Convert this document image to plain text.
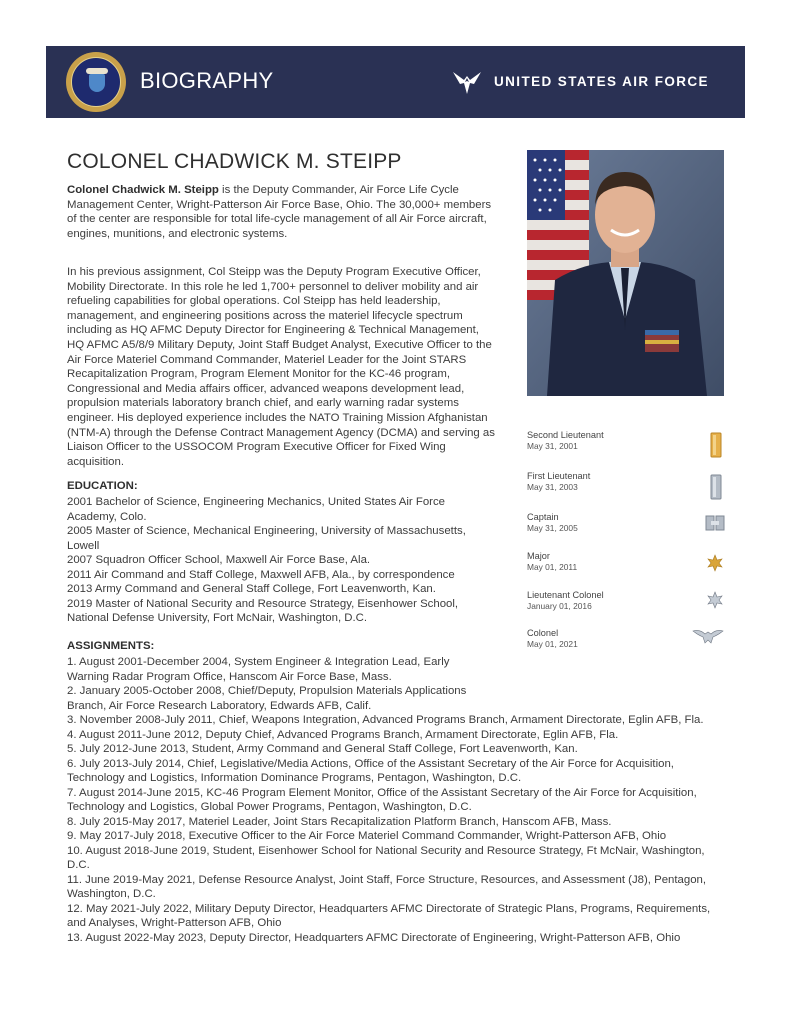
BIOGRAPHY	UNITED STATES AIR FORCE
COLONEL CHADWICK M. STEIPP
Colonel Chadwick M. Steipp is the Deputy Commander, Air Force Life Cycle Management Center, Wright-Patterson Air Force Base, Ohio. The 30,000+ members of the center are responsible for total life-cycle management of all Air Force aircraft, engines, munitions, and electronic systems.
In his previous assignment, Col Steipp was the Deputy Program Executive Officer, Mobility Directorate. In this role he led 1,700+ personnel to deliver mobility and air refueling capabilities for global operations. Col Steipp has held leadership, management, and engineering positions across the materiel lifecycle spectrum including as HQ AFMC Deputy Director for Engineering & Technical Management, HQ AFMC A5/8/9 Military Deputy, Joint Staff Budget Analyst, Executive Officer to the Air Force Materiel Command Commander, Materiel Leader for the Joint STARS Recapitalization Program, Program Element Monitor for the KC-46 program, Congressional and Media affairs officer, advanced weapons development lead, propulsion materials laboratory branch chief, and early warning radar systems engineer. His deployed experience includes the NATO Training Mission Afghanistan (NTM-A) through the Defense Contract Management Agency (DCMA) and serving as Liaison Officer to the USSOCOM Program Executive Officer for Fixed Wing acquisition.
EDUCATION:
2001 Bachelor of Science, Engineering Mechanics, United States Air Force Academy, Colo.
2005 Master of Science, Mechanical Engineering, University of Massachusetts, Lowell
2007 Squadron Officer School, Maxwell Air Force Base, Ala.
2011 Air Command and Staff College, Maxwell AFB, Ala., by correspondence
2013 Army Command and General Staff College, Fort Leavenworth, Kan.
2019 Master of National Security and Resource Strategy, Eisenhower School, National Defense University, Fort McNair, Washington, D.C.
ASSIGNMENTS:
1. August 2001-December 2004, System Engineer & Integration Lead, Early Warning Radar Program Office, Hanscom Air Force Base, Mass.
2. January 2005-October 2008, Chief/Deputy, Propulsion Materials Applications Branch, Air Force Research Laboratory, Edwards AFB, Calif.
3. November 2008-July 2011, Chief, Weapons Integration, Advanced Programs Branch, Armament Directorate, Eglin AFB, Fla.
4. August 2011-June 2012, Deputy Chief, Advanced Programs Branch, Armament Directorate, Eglin AFB, Fla.
5. July 2012-June 2013, Student, Army Command and General Staff College, Fort Leavenworth, Kan.
6. July 2013-July 2014, Chief, Legislative/Media Actions, Office of the Assistant Secretary of the Air Force for Acquisition, Technology and Logistics, Information Dominance Programs, Pentagon, Washington, D.C.
7. August 2014-June 2015, KC-46 Program Element Monitor, Office of the Assistant Secretary of the Air Force for Acquisition, Technology and Logistics, Global Power Programs, Pentagon, Washington, D.C.
8. July 2015-May 2017, Materiel Leader, Joint Stars Recapitalization Platform Branch, Hanscom AFB, Mass.
9. May 2017-July 2018, Executive Officer to the Air Force Materiel Command Commander, Wright-Patterson AFB, Ohio
10. August 2018-June 2019, Student, Eisenhower School for National Security and Resource Strategy, Ft McNair, Washington, D.C.
11. June 2019-May 2021, Defense Resource Analyst, Joint Staff, Force Structure, Resources, and Assessment (J8), Pentagon, Washington, D.C.
12. May 2021-July 2022, Military Deputy Director, Headquarters AFMC Directorate of Strategic Plans, Programs, Requirements, and Analyses, Wright-Patterson AFB, Ohio
13. August 2022-May 2023, Deputy Director, Headquarters AFMC Directorate of Engineering, Wright-Patterson AFB, Ohio
Second Lieutenant
May 31, 2001
First Lieutenant
May 31, 2003
Captain
May 31, 2005
Major
May 01, 2011
Lieutenant Colonel
January 01, 2016
Colonel
May 01, 2021
